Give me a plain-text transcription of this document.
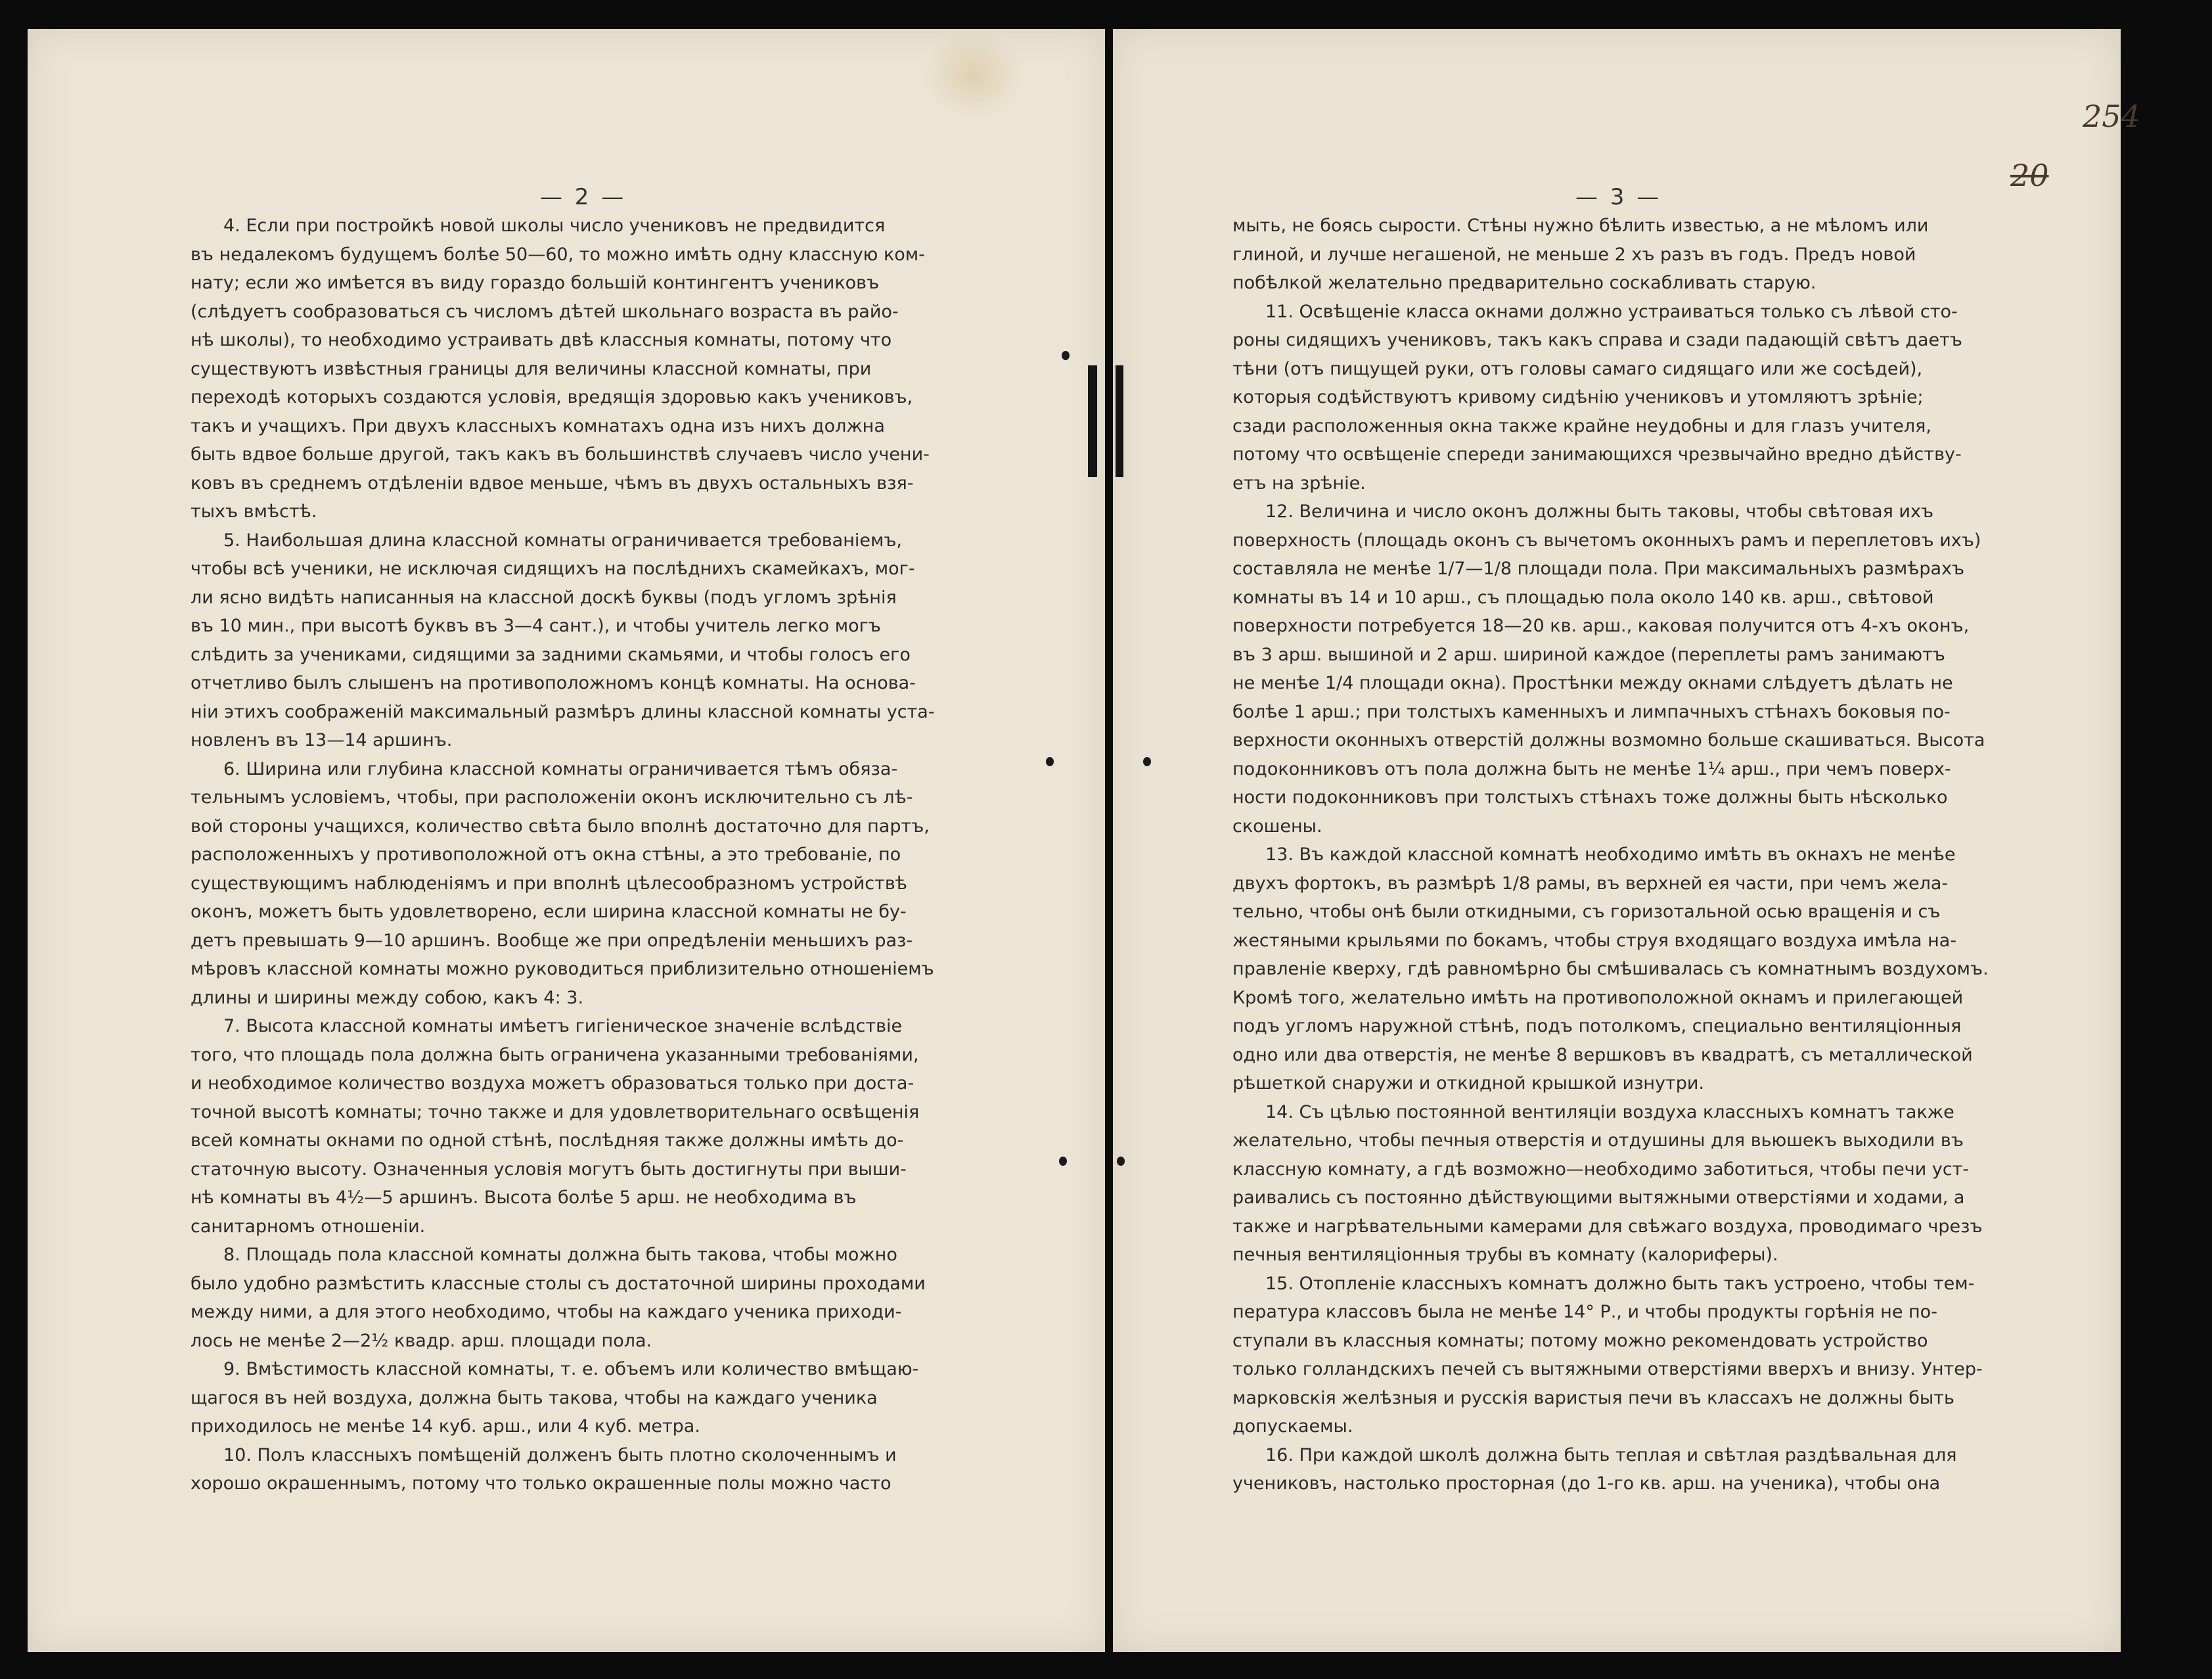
— 2 —	— 3 —
254
20

4. Если при постройкѣ новой школы число учениковъ не предвидится

въ недалекомъ будущемъ болѣе 50—60, то можно имѣть одну классную ком-

нату; если жо имѣется въ виду гораздо большій контингентъ учениковъ

(слѣдуетъ сообразоваться съ числомъ дѣтей школьнаго возраста въ райо-

нѣ школы), то необходимо устраивать двѣ классныя комнаты, потому что

существуютъ извѣстныя границы для величины классной комнаты, при

переходѣ которыхъ создаются условія, вредящія здоровью какъ учениковъ,

такъ и учащихъ. При двухъ классныхъ комнатахъ одна изъ нихъ должна

быть вдвое больше другой, такъ какъ въ большинствѣ случаевъ число учени-

ковъ въ среднемъ отдѣленіи вдвое меньше, чѣмъ въ двухъ остальныхъ взя-

тыхъ вмѣстѣ.

5. Наибольшая длина классной комнаты ограничивается требованіемъ,

чтобы всѣ ученики, не исключая сидящихъ на послѣднихъ скамейкахъ, мог-

ли ясно видѣть написанныя на классной доскѣ буквы (подъ угломъ зрѣнія

въ 10 мин., при высотѣ буквъ въ 3—4 сант.), и чтобы учитель легко могъ

слѣдить за учениками, сидящими за задними скамьями, и чтобы голосъ его

отчетливо былъ слышенъ на противоположномъ концѣ комнаты. На основа-

ніи этихъ соображеній максимальный размѣръ длины классной комнаты уста-

новленъ въ 13—14 аршинъ.

6. Ширина или глубина классной комнаты ограничивается тѣмъ обяза-

тельнымъ условіемъ, чтобы, при расположеніи оконъ исключительно съ лѣ-

вой стороны учащихся, количество свѣта было вполнѣ достаточно для партъ,

расположенныхъ у противоположной отъ окна стѣны, а это требованіе, по

существующимъ наблюденіямъ и при вполнѣ цѣлесообразномъ устройствѣ

оконъ, можетъ быть удовлетворено, если ширина классной комнаты не бу-

детъ превышать 9—10 аршинъ. Вообще же при опредѣленіи меньшихъ раз-

мѣровъ классной комнаты можно руководиться приблизительно отношеніемъ

длины и ширины между собою, какъ 4: 3.

7. Высота классной комнаты имѣетъ гигіеническое значеніе вслѣдствіе

того, что площадь пола должна быть ограничена указанными требованіями,

и необходимое количество воздуха можетъ образоваться только при доста-

точной высотѣ комнаты; точно также и для удовлетворительнаго освѣщенія

всей комнаты окнами по одной стѣнѣ, послѣдняя также должны имѣть до-

статочную высоту. Означенныя условія могутъ быть достигнуты при выши-

нѣ комнаты въ 4½—5 аршинъ. Высота болѣе 5 арш. не необходима въ

санитарномъ отношеніи.

8. Площадь пола классной комнаты должна быть такова, чтобы можно

было удобно размѣстить классные столы съ достаточной ширины проходами

между ними, а для этого необходимо, чтобы на каждаго ученика приходи-

лось не менѣе 2—2½ квадр. арш. площади пола.

9. Вмѣстимость классной комнаты, т. е. объемъ или количество вмѣщаю-

щагося въ ней воздуха, должна быть такова, чтобы на каждаго ученика

приходилось не менѣе 14 куб. арш., или 4 куб. метра.

10. Полъ классныхъ помѣщеній долженъ быть плотно сколоченнымъ и

хорошо окрашеннымъ, потому что только окрашенные полы можно часто

мыть, не боясь сырости. Стѣны нужно бѣлить известью, а не мѣломъ или

глиной, и лучше негашеной, не меньше 2 хъ разъ въ годъ. Предъ новой

побѣлкой желательно предварительно соскабливать старую.

11. Освѣщеніе класса окнами должно устраиваться только съ лѣвой сто-

роны сидящихъ учениковъ, такъ какъ справа и сзади падающій свѣтъ даетъ

тѣни (отъ пищущей руки, отъ головы самаго сидящаго или же сосѣдей),

которыя содѣйствуютъ кривому сидѣнію учениковъ и утомляютъ зрѣніе;

сзади расположенныя окна также крайне неудобны и для глазъ учителя,

потому что освѣщеніе спереди занимающихся чрезвычайно вредно дѣйству-

етъ на зрѣніе.

12. Величина и число оконъ должны быть таковы, чтобы свѣтовая ихъ

поверхность (площадь оконъ съ вычетомъ оконныхъ рамъ и переплетовъ ихъ)

составляла не менѣе 1/7—1/8 площади пола. При максимальныхъ размѣрахъ

комнаты въ 14 и 10 арш., съ площадью пола около 140 кв. арш., свѣтовой

поверхности потребуется 18—20 кв. арш., каковая получится отъ 4-хъ оконъ,

въ 3 арш. вышиной и 2 арш. шириной каждое (переплеты рамъ занимаютъ

не менѣе 1/4 площади окна). Простѣнки между окнами слѣдуетъ дѣлать не

болѣе 1 арш.; при толстыхъ каменныхъ и лимпачныхъ стѣнахъ боковыя по-

верхности оконныхъ отверстій должны возмомно больше скашиваться. Высота

подоконниковъ отъ пола должна быть не менѣе 1¼ арш., при чемъ поверх-

ности подоконниковъ при толстыхъ стѣнахъ тоже должны быть нѣсколько

скошены.

13. Въ каждой классной комнатѣ необходимо имѣть въ окнахъ не менѣе

двухъ фортокъ, въ размѣрѣ 1/8 рамы, въ верхней ея части, при чемъ жела-

тельно, чтобы онѣ были откидными, съ горизотальной осью вращенія и съ

жестяными крыльями по бокамъ, чтобы струя входящаго воздуха имѣла на-

правленіе кверху, гдѣ равномѣрно бы смѣшивалась съ комнатнымъ воздухомъ.

Кромѣ того, желательно имѣть на противоположной окнамъ и прилегающей

подъ угломъ наружной стѣнѣ, подъ потолкомъ, специально вентиляціонныя

одно или два отверстія, не менѣе 8 вершковъ въ квадратѣ, съ металлической

рѣшеткой снаружи и откидной крышкой изнутри.

14. Съ цѣлью постоянной вентиляціи воздуха классныхъ комнатъ также

желательно, чтобы печныя отверстія и отдушины для вьюшекъ выходили въ

классную комнату, а гдѣ возможно—необходимо заботиться, чтобы печи уст-

раивались съ постоянно дѣйствующими вытяжными отверстіями и ходами, а

также и нагрѣвательными камерами для свѣжаго воздуха, проводимаго чрезъ

печныя вентиляціонныя трубы въ комнату (калориферы).

15. Отопленіе классныхъ комнатъ должно быть такъ устроено, чтобы тем-

пература классовъ была не менѣе 14° Р., и чтобы продукты горѣнія не по-

ступали въ классныя комнаты; потому можно рекомендовать устройство

только голландскихъ печей съ вытяжными отверстіями вверхъ и внизу. Унтер-

марковскія желѣзныя и русскія варистыя печи въ классахъ не должны быть

допускаемы.

16. При каждой школѣ должна быть теплая и свѣтлая раздѣвальная для

учениковъ, настолько просторная (до 1-го кв. арш. на ученика), чтобы она
